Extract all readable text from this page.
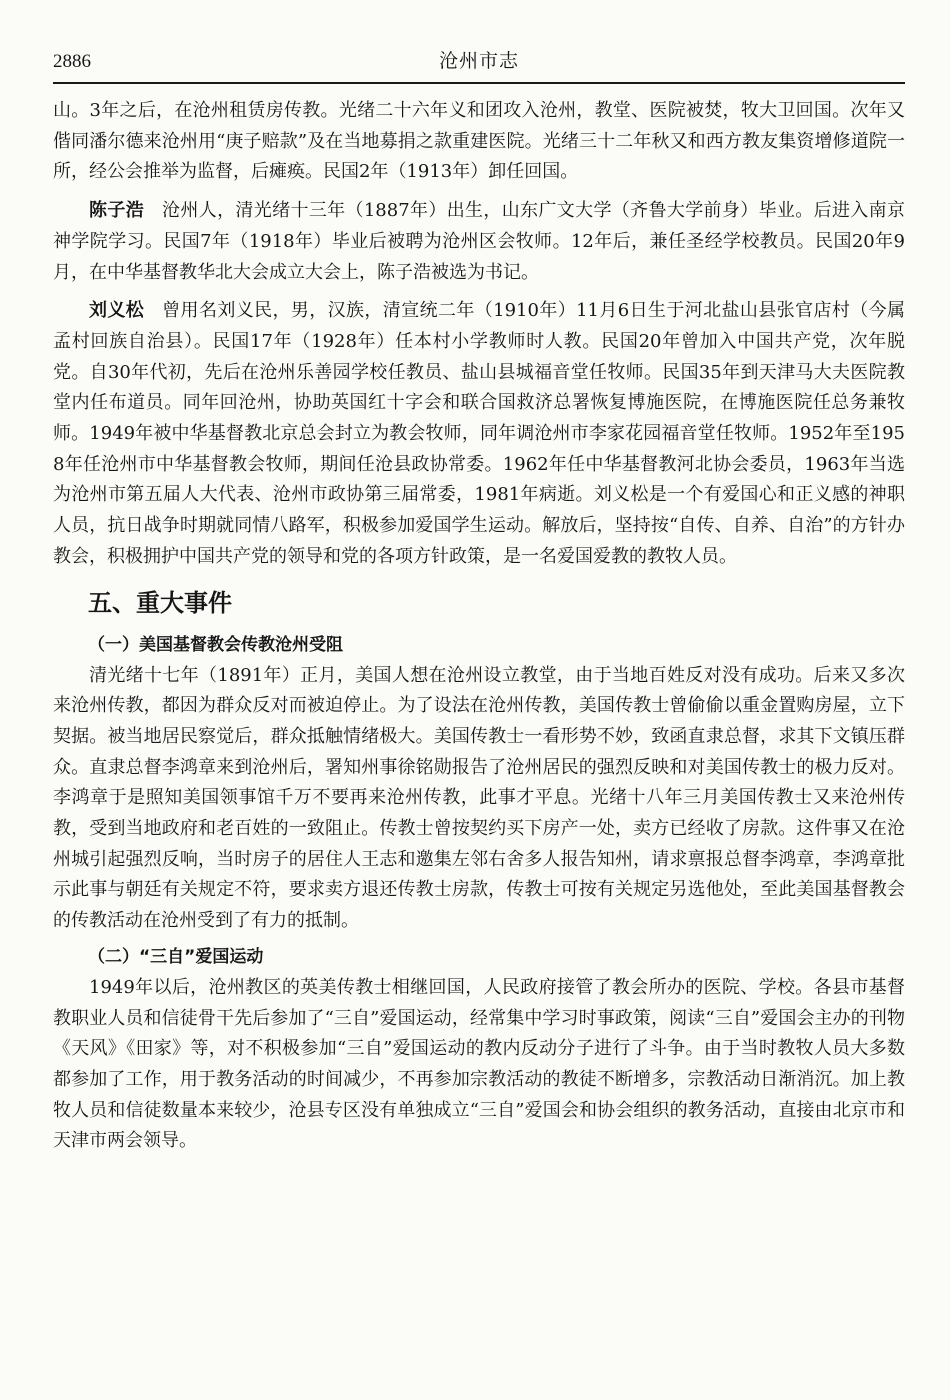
2886	沧州市志

山。3年之后，在沧州租赁房传教。光绪二十六年义和团攻入沧州，教堂、医院被焚，牧大卫回国。次年又偕同潘尔德来沧州用“庚子赔款”及在当地募捐之款重建医院。光绪三十二年秋又和西方教友集资增修道院一所，经公会推举为监督，后瘫痪。民国2年（1913年）卸任回国。

陈子浩 沧州人，清光绪十三年（1887年）出生，山东广文大学（齐鲁大学前身）毕业。后进入南京神学院学习。民国7年（1918年）毕业后被聘为沧州区会牧师。12年后，兼任圣经学校教员。民国20年9月，在中华基督教华北大会成立大会上，陈子浩被选为书记。

刘义松 曾用名刘义民，男，汉族，清宣统二年（1910年）11月6日生于河北盐山县张官店村（今属孟村回族自治县）。民国17年（1928年）任本村小学教师时人教。民国20年曾加入中国共产党，次年脱党。自30年代初，先后在沧州乐善园学校任教员、盐山县城福音堂任牧师。民国35年到天津马大夫医院教堂内任布道员。同年回沧州，协助英国红十字会和联合国救济总署恢复博施医院，在博施医院任总务兼牧师。1949年被中华基督教北京总会封立为教会牧师，同年调沧州市李家花园福音堂任牧师。1952年至1958年任沧州市中华基督教会牧师，期间任沧县政协常委。1962年任中华基督教河北协会委员，1963年当选为沧州市第五届人大代表、沧州市政协第三届常委，1981年病逝。刘义松是一个有爱国心和正义感的神职人员，抗日战争时期就同情八路军，积极参加爱国学生运动。解放后，坚持按“自传、自养、自治”的方针办教会，积极拥护中国共产党的领导和党的各项方针政策，是一名爱国爱教的教牧人员。

五、重大事件
（一）美国基督教会传教沧州受阻

清光绪十七年（1891年）正月，美国人想在沧州设立教堂，由于当地百姓反对没有成功。后来又多次来沧州传教，都因为群众反对而被迫停止。为了设法在沧州传教，美国传教士曾偷偷以重金置购房屋，立下契据。被当地居民察觉后，群众抵触情绪极大。美国传教士一看形势不妙，致函直隶总督，求其下文镇压群众。直隶总督李鸿章来到沧州后，署知州事徐铭勋报告了沧州居民的强烈反映和对美国传教士的极力反对。李鸿章于是照知美国领事馆千万不要再来沧州传教，此事才平息。光绪十八年三月美国传教士又来沧州传教，受到当地政府和老百姓的一致阻止。传教士曾按契约买下房产一处，卖方已经收了房款。这件事又在沧州城引起强烈反响，当时房子的居住人王志和邀集左邻右舍多人报告知州，请求禀报总督李鸿章，李鸿章批示此事与朝廷有关规定不符，要求卖方退还传教士房款，传教士可按有关规定另选他处，至此美国基督教会的传教活动在沧州受到了有力的抵制。

（二）“三自”爱国运动

1949年以后，沧州教区的英美传教士相继回国，人民政府接管了教会所办的医院、学校。各县市基督教职业人员和信徒骨干先后参加了“三自”爱国运动，经常集中学习时事政策，阅读“三自”爱国会主办的刊物《天风》《田家》等，对不积极参加“三自”爱国运动的教内反动分子进行了斗争。由于当时教牧人员大多数都参加了工作，用于教务活动的时间减少，不再参加宗教活动的教徒不断增多，宗教活动日渐消沉。加上教牧人员和信徒数量本来较少，沧县专区没有单独成立“三自”爱国会和协会组织的教务活动，直接由北京市和天津市两会领导。
